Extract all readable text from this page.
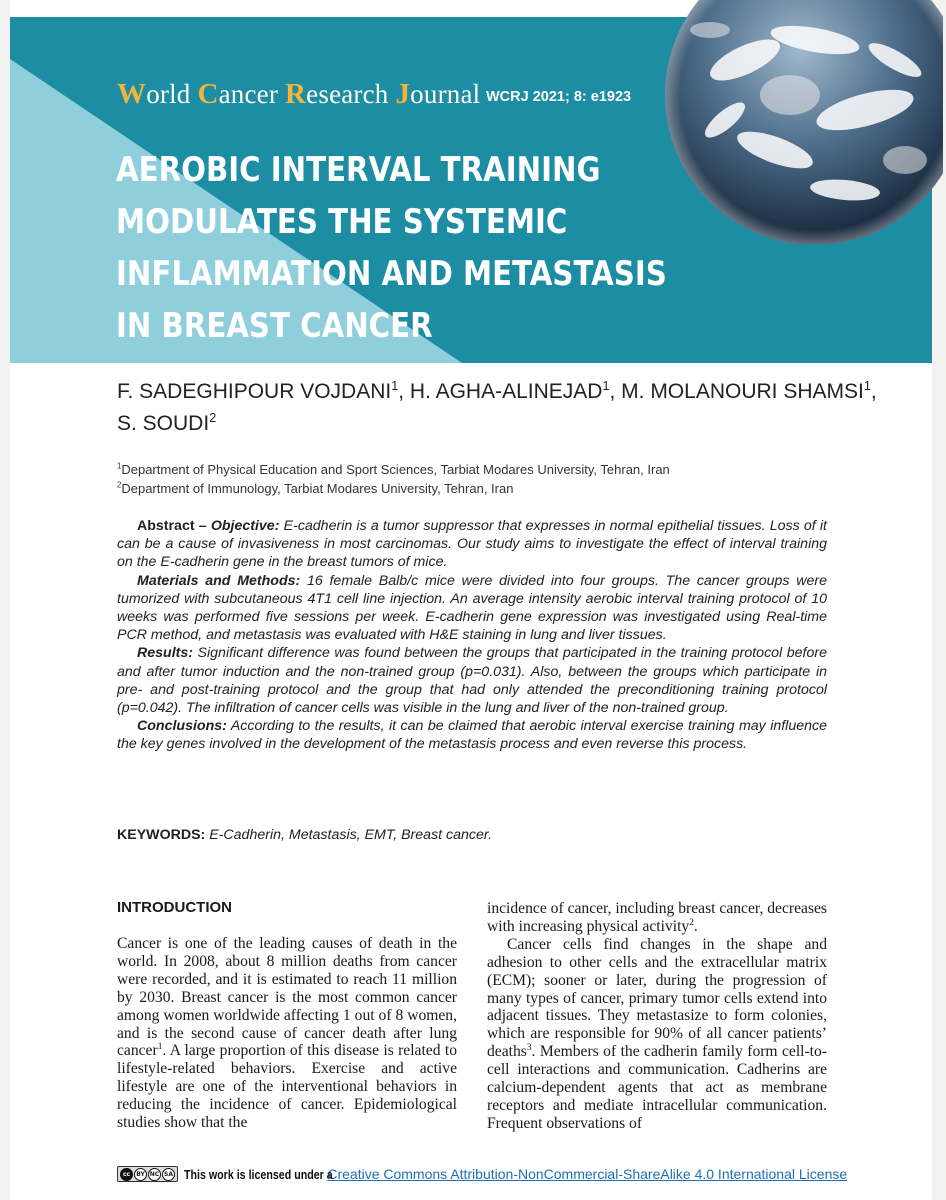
World Cancer Research Journal WCRJ 2021; 8: e1923
AEROBIC INTERVAL TRAINING
MODULATES THE SYSTEMIC
INFLAMMATION AND METASTASIS
IN BREAST CANCER
F. SADEGHIPOUR VOJDANI$^1$, H. AGHA-ALINEJAD$^1$, M. MOLANOURI SHAMSI$^1$,
S. SOUDI$^2$
$^1$Department of Physical Education and Sport Sciences, Tarbiat Modares University, Tehran, Iran
$^2$Department of Immunology, Tarbiat Modares University, Tehran, Iran

Abstract – Objective: E-cadherin is a tumor suppressor that expresses in normal epithelial tissues. Loss of it can be a cause of invasiveness in most carcinomas. Our study aims to investigate the effect of interval training on the E-cadherin gene in the breast tumors of mice.

Materials and Methods: 16 female Balb/c mice were divided into four groups. The cancer groups were tumorized with subcutaneous 4T1 cell line injection. An average intensity aerobic interval training protocol of 10 weeks was performed five sessions per week. E-cadherin gene expression was investigated using Real-time PCR method, and metastasis was evaluated with H&E staining in lung and liver tissues.

Results: Significant difference was found between the groups that participated in the training protocol before and after tumor induction and the non-trained group (p=0.031). Also, between the groups which participate in pre- and post-training protocol and the group that had only attended the preconditioning training protocol (p=0.042). The infiltration of cancer cells was visible in the lung and liver of the non-trained group.

Conclusions: According to the results, it can be claimed that aerobic interval exercise training may influence the key genes involved in the development of the metastasis process and even reverse this process.

KEYWORDS: E-Cadherin, Metastasis, EMT, Breast cancer.
INTRODUCTION

Cancer is one of the leading causes of death in the world. In 2008, about 8 million deaths from cancer were recorded, and it is estimated to reach 11 million by 2030. Breast cancer is the most common cancer among women worldwide affecting 1 out of 8 women, and is the second cause of cancer death after lung cancer$^1$. A large proportion of this disease is related to lifestyle-related behaviors. Exercise and active lifestyle are one of the interventional behaviors in reducing the incidence of cancer. Epidemiological studies show that the

incidence of cancer, including breast cancer, decreases with increasing physical activity$^2$.

Cancer cells find changes in the shape and adhesion to other cells and the extracellular matrix (ECM); sooner or later, during the progression of many types of cancer, primary tumor cells extend into adjacent tissues. They metastasize to form colonies, which are responsible for 90% of all cancer patients’ deaths$^3$. Members of the cadherin family form cell-to-cell interactions and communication. Cadherins are calcium-dependent agents that act as membrane receptors and mediate intracellular communication. Frequent observations of

cc	BY NC SA This work is licensed under a
Creative Commons Attribution-NonCommercial-ShareAlike 4.0 International License
